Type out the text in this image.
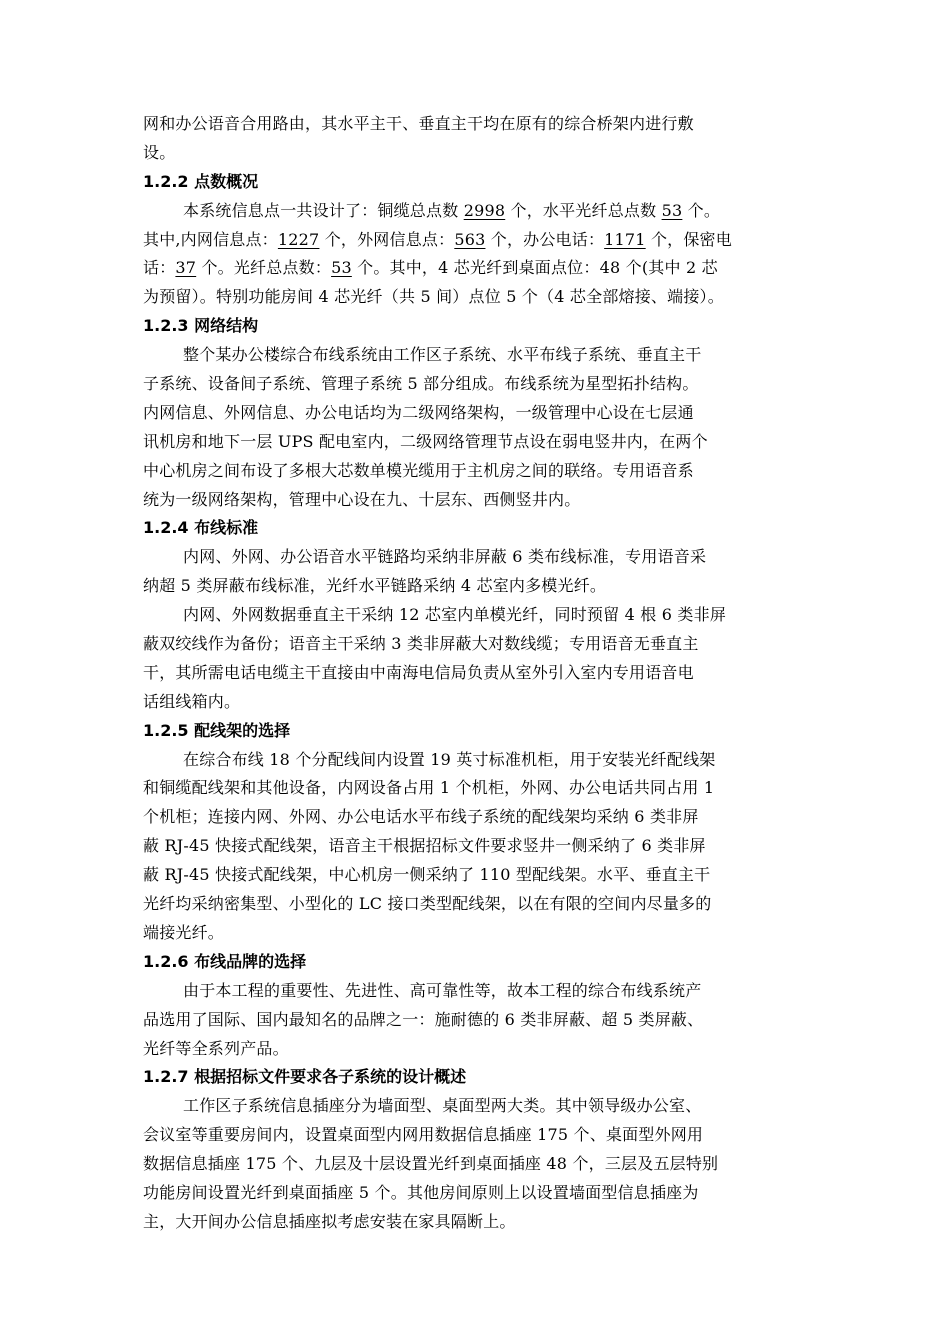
网和办公语音合用路由，其水平主干、垂直主干均在原有的综合桥架内进行敷
设。
1.2.2 点数概况
本系统信息点一共设计了：铜缆总点数 2998 个，水平光纤总点数 53 个。
其中,内网信息点：1227 个，外网信息点：563 个，办公电话：1171 个，保密电
话：37 个。光纤总点数：53 个。其中，4 芯光纤到桌面点位：48 个(其中 2 芯
为预留）。特别功能房间 4 芯光纤（共 5 间）点位 5 个（4 芯全部熔接、端接）。
1.2.3 网络结构
整个某办公楼综合布线系统由工作区子系统、水平布线子系统、垂直主干
子系统、设备间子系统、管理子系统 5 部分组成。布线系统为星型拓扑结构。
内网信息、外网信息、办公电话均为二级网络架构，一级管理中心设在七层通
讯机房和地下一层 UPS 配电室内，二级网络管理节点设在弱电竖井内，在两个
中心机房之间布设了多根大芯数单模光缆用于主机房之间的联络。专用语音系
统为一级网络架构，管理中心设在九、十层东、西侧竖井内。
1.2.4 布线标准
内网、外网、办公语音水平链路均采纳非屏蔽 6 类布线标准，专用语音采
纳超 5 类屏蔽布线标准，光纤水平链路采纳 4 芯室内多模光纤。
内网、外网数据垂直主干采纳 12 芯室内单模光纤，同时预留 4 根 6 类非屏
蔽双绞线作为备份；语音主干采纳 3 类非屏蔽大对数线缆；专用语音无垂直主
干，其所需电话电缆主干直接由中南海电信局负责从室外引入室内专用语音电
话组线箱内。
1.2.5 配线架的选择
在综合布线 18 个分配线间内设置 19 英寸标准机柜，用于安装光纤配线架
和铜缆配线架和其他设备，内网设备占用 1 个机柜，外网、办公电话共同占用 1
个机柜；连接内网、外网、办公电话水平布线子系统的配线架均采纳 6 类非屏
蔽 RJ-45 快接式配线架，语音主干根据招标文件要求竖井一侧采纳了 6 类非屏
蔽 RJ-45 快接式配线架，中心机房一侧采纳了 110 型配线架。水平、垂直主干
光纤均采纳密集型、小型化的 LC 接口类型配线架，以在有限的空间内尽量多的
端接光纤。
1.2.6 布线品牌的选择
由于本工程的重要性、先进性、高可靠性等，故本工程的综合布线系统产
品选用了国际、国内最知名的品牌之一：施耐德的 6 类非屏蔽、超 5 类屏蔽、
光纤等全系列产品。
1.2.7 根据招标文件要求各子系统的设计概述
工作区子系统信息插座分为墙面型、桌面型两大类。其中领导级办公室、
会议室等重要房间内，设置桌面型内网用数据信息插座 175 个、桌面型外网用
数据信息插座 175 个、九层及十层设置光纤到桌面插座 48 个，三层及五层特别
功能房间设置光纤到桌面插座 5 个。其他房间原则上以设置墙面型信息插座为
主，大开间办公信息插座拟考虑安装在家具隔断上。
